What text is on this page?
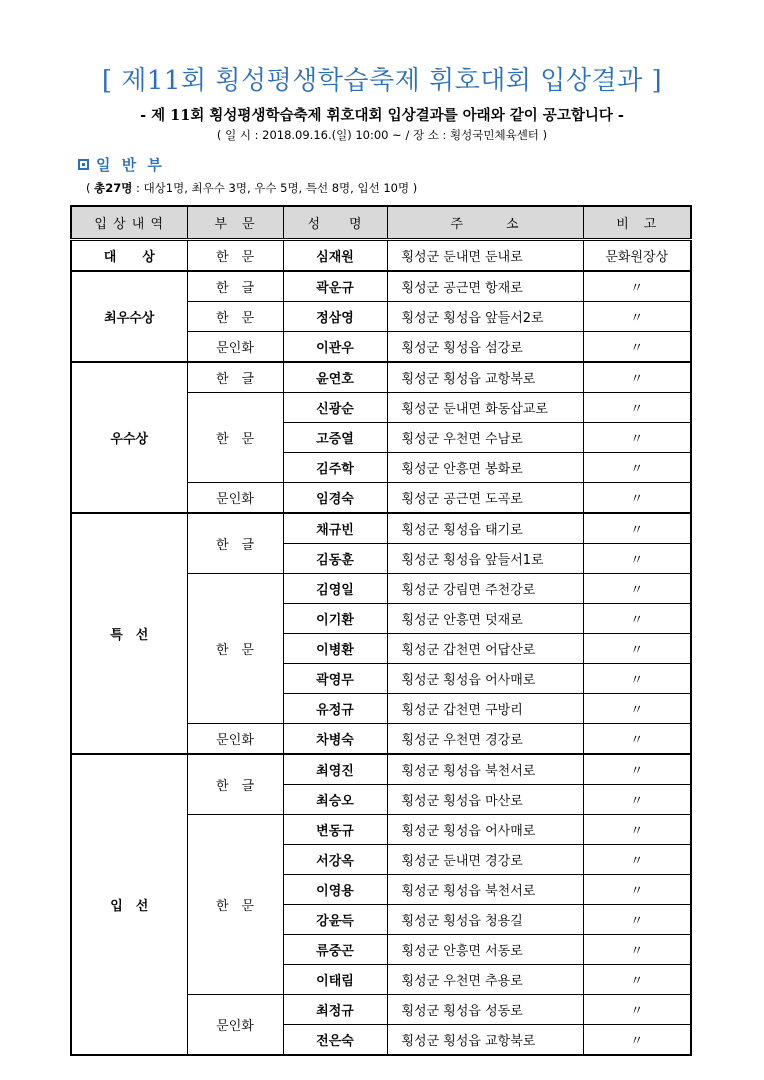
[ 제11회 횡성평생학습축제 휘호대회 입상결과 ]
- 제 11회 횡성평생학습축제 휘호대회 입상결과를 아래와 같이 공고합니다 -
( 일 시 : 2018.09.16.(일) 10:00 ~ / 장 소 : 횡성국민체육센터 )
일 반 부
( 총27명 : 대상1명, 최우수 3명, 우수 5명, 특선 8명, 입선 10명 )
입 상 내 역	부　문	성　　명	주　　　소	비　고
대　　상	한　문	심재원	횡성군 둔내면 둔내로	문화원장상
최우수상	한　글	곽운규	횡성군 공근면 항재로	〃
	한　문	정삼영	횡성군 횡성읍 앞들서2로	〃
	문인화	이관우	횡성군 횡성읍 섬강로	〃
우수상	한　글	윤연호	횡성군 횡성읍 교항북로	〃
	한　문	신광순	횡성군 둔내면 화동삽교로	〃
		고증열	횡성군 우천면 수남로	〃
		김주학	횡성군 안흥면 봉화로	〃
	문인화	임경숙	횡성군 공근면 도곡로	〃
특　선	한　글	채규빈	횡성군 횡성읍 태기로	〃
		김동훈	횡성군 횡성읍 앞들서1로	〃
	한　문	김영일	횡성군 강림면 주천강로	〃
		이기환	횡성군 안흥면 덧재로	〃
		이병환	횡성군 갑천면 어답산로	〃
		곽영무	횡성군 횡성읍 어사매로	〃
		유정규	횡성군 갑천면 구방리	〃
	문인화	차병숙	횡성군 우천면 경강로	〃
입　선	한　글	최영진	횡성군 횡성읍 북천서로	〃
		최승오	횡성군 횡성읍 마산로	〃
	한　문	변동규	횡성군 횡성읍 어사매로	〃
		서강옥	횡성군 둔내면 경강로	〃
		이영용	횡성군 횡성읍 북천서로	〃
		강윤득	횡성군 횡성읍 청용길	〃
		류중곤	횡성군 안흥면 서동로	〃
		이태림	횡성군 우천면 추용로	〃
	문인화	최정규	횡성군 횡성읍 성동로	〃
		전은숙	횡성군 횡성읍 교항북로	〃
